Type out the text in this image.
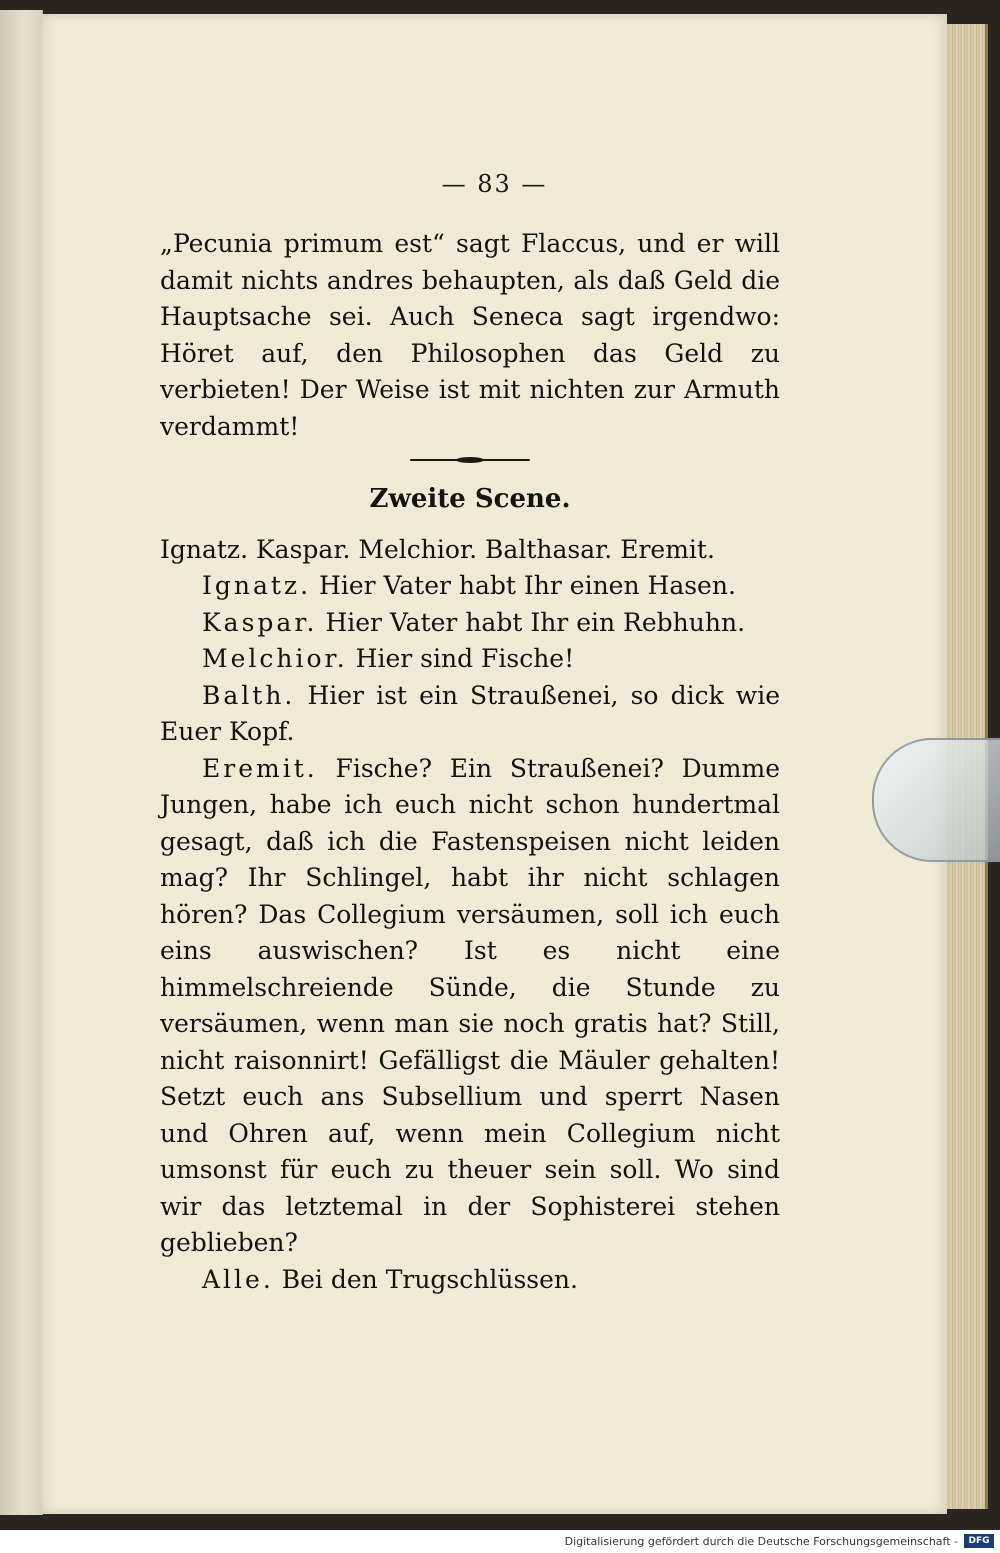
— 83 —

„Pecunia primum est“ sagt Flaccus, und er will damit nichts andres behaupten, als daß Geld die Hauptsache sei. Auch Seneca sagt irgendwo: Höret auf, den Philosophen das Geld zu verbieten! Der Weise ist mit nichten zur Armuth verdammt!

Zweite Scene.

Ignatz. Kaspar. Melchior. Balthasar. Eremit.

Ignatz. Hier Vater habt Ihr einen Hasen.

Kaspar. Hier Vater habt Ihr ein Rebhuhn.

Melchior. Hier sind Fische!

Balth. Hier ist ein Straußenei, so dick wie Euer Kopf.

Eremit. Fische? Ein Straußenei? Dumme Jungen, habe ich euch nicht schon hundertmal gesagt, daß ich die Fastenspeisen nicht leiden mag? Ihr Schlingel, habt ihr nicht schlagen hören? Das Collegium versäumen, soll ich euch eins auswischen? Ist es nicht eine himmelschreiende Sünde, die Stunde zu versäumen, wenn man sie noch gratis hat? Still, nicht raisonnirt! Gefälligst die Mäuler gehalten! Setzt euch ans Subsellium und sperrt Nasen und Ohren auf, wenn mein Collegium nicht umsonst für euch zu theuer sein soll. Wo sind wir das letztemal in der Sophisterei stehen geblieben?

Alle. Bei den Trugschlüssen.

Digitalisierung gefördert durch die Deutsche Forschungsgemeinschaft -	DFG
